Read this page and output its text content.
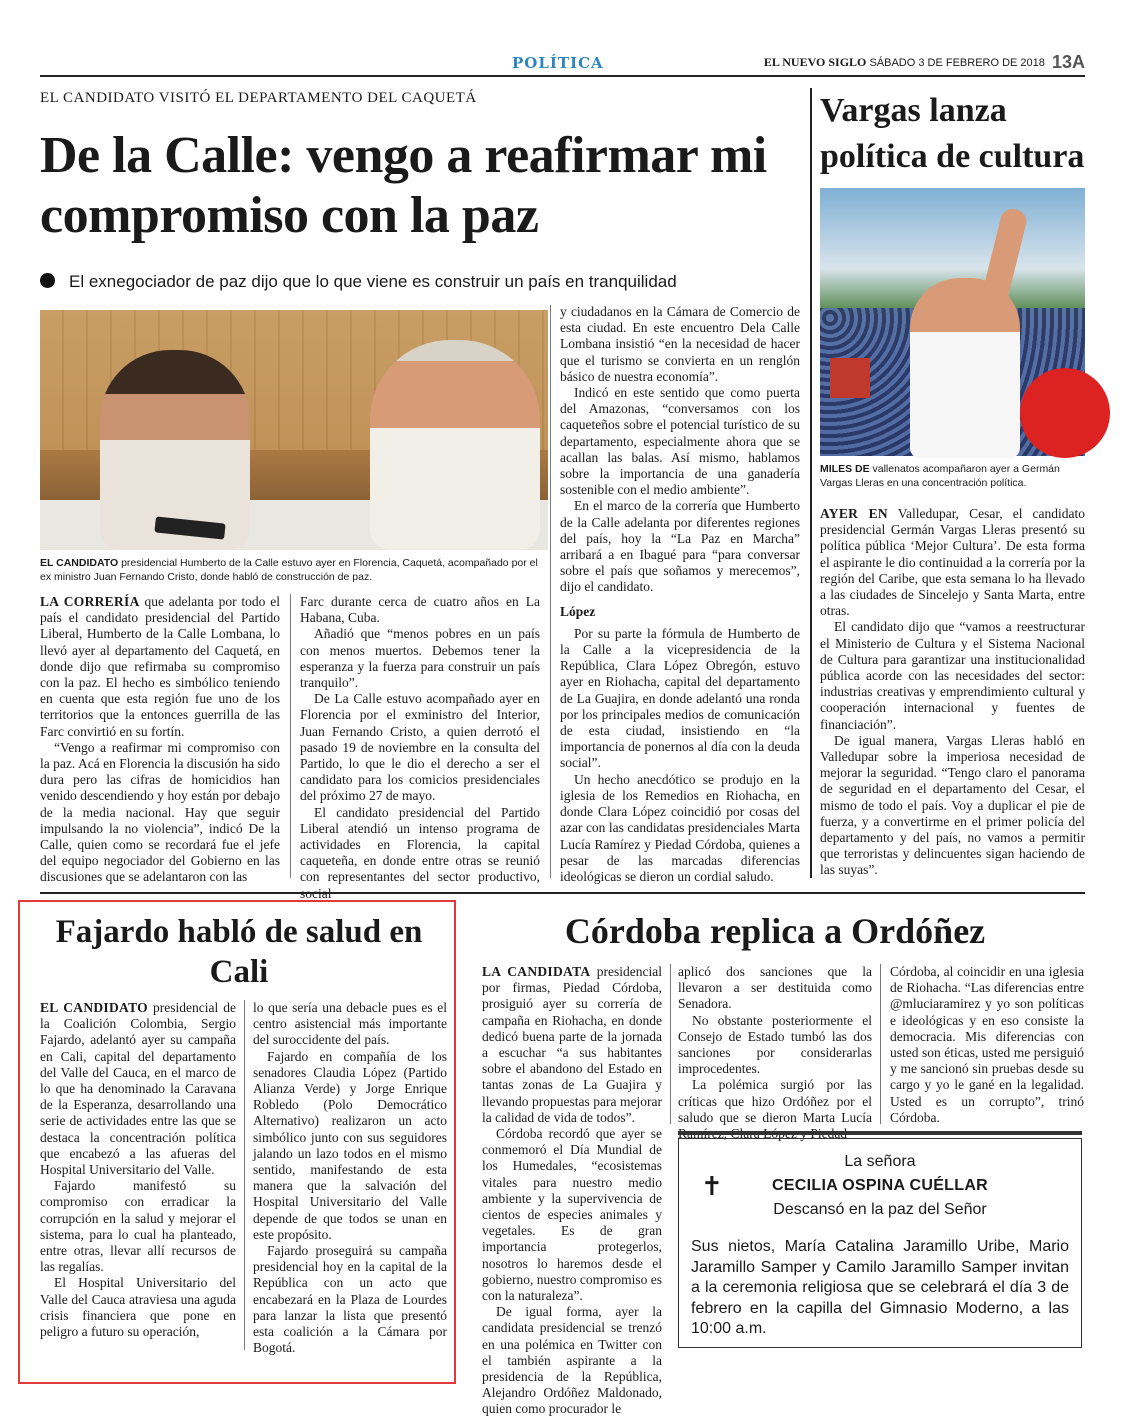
POLÍTICA	EL NUEVO SIGLO SÁBADO 3 DE FEBRERO DE 2018 13A
EL CANDIDATO VISITÓ EL DEPARTAMENTO DEL CAQUETÁ
De la Calle: vengo a reafirmar mi compromiso con la paz
El exnegociador de paz dijo que lo que viene es construir un país en tranquilidad
EL CANDIDATO presidencial Humberto de la Calle estuvo ayer en Florencia, Caquetá, acompañado por el ex ministro Juan Fernando Cristo, donde habló de construcción de paz.

LA CORRERÍA que adelanta por todo el país el candidato presidencial del Partido Liberal, Humberto de la Calle Lombana, lo llevó ayer al departamento del Caquetá, en donde dijo que refirmaba su compromiso con la paz. El hecho es simbólico teniendo en cuenta que esta región fue uno de los territorios que la entonces guerrilla de las Farc convirtió en su fortín.

“Vengo a reafirmar mi compromiso con la paz. Acá en Florencia la discusión ha sido dura pero las cifras de homicidios han venido descendiendo y hoy están por debajo de la media nacional. Hay que seguir impulsando la no violencia”, indicó De la Calle, quien como se recordará fue el jefe del equipo negociador del Gobierno en las discusiones que se adelantaron con las

Farc durante cerca de cuatro años en La Habana, Cuba.

Añadió que “menos pobres en un país con menos muertos. Debemos tener la esperanza y la fuerza para construir un país tranquilo”.

De La Calle estuvo acompañado ayer en Florencia por el exministro del Interior, Juan Fernando Cristo, a quien derrotó el pasado 19 de noviembre en la consulta del Partido, lo que le dio el derecho a ser el candidato para los comicios presidenciales del próximo 27 de mayo.

El candidato presidencial del Partido Liberal atendió un intenso programa de actividades en Florencia, la capital caqueteña, en donde entre otras se reunió con representantes del sector productivo,

y ciudadanos en la Cámara de Comercio de esta ciudad. En este encuentro Dela Calle Lombana insistió “en la necesidad de hacer que el turismo se convierta en un renglón básico de nuestra economía”.

Indicó en este sentido que como puerta del Amazonas, “conversamos con los caqueteños sobre el potencial turístico de su departamento, especialmente ahora que se acallan las balas. Así mismo, hablamos sobre la importancia de una ganadería sostenible con el medio ambiente”.

En el marco de la correría que Humberto de la Calle adelanta por diferentes regiones del país, hoy la “La Paz en Marcha” arribará a en Ibagué para “para conversar sobre el país que soñamos y merecemos”, dijo el candidato.

López

Por su parte la fórmula de Humberto de la Calle a la vicepresidencia de la República, Clara López Obregón, estuvo ayer en Riohacha, capital del departamento de La Guajira, en donde adelantó una ronda por los principales medios de comunicación de esta ciudad, insistiendo en “la importancia de ponernos al día con la deuda social”.

Un hecho anecdótico se produjo en la iglesia de los Remedios en Riohacha, en donde Clara López coincidió por cosas del azar con las candidatas presidenciales Marta Lucía Ramírez y Piedad Córdoba, quienes a pesar de las marcadas diferencias ideológicas se dieron un cordial saludo.

Vargas lanza política de cultura
MILES DE vallenatos acompañaron ayer a Germán Vargas Lleras en una concentración política.

AYER EN Valledupar, Cesar, el candidato presidencial Germán Vargas Lleras presentó su política pública ‘Mejor Cultura’. De esta forma el aspirante le dio continuidad a la correría por la región del Caribe, que esta semana lo ha llevado a las ciudades de Sincelejo y Santa Marta, entre otras.

El candidato dijo que “vamos a reestructurar el Ministerio de Cultura y el Sistema Nacional de Cultura para garantizar una institucionalidad pública acorde con las necesidades del sector: industrias creativas y emprendimiento cultural y cooperación internacional y fuentes de financiación”.

De igual manera, Vargas Lleras habló en Valledupar sobre la imperiosa necesidad de mejorar la seguridad. “Tengo claro el panorama de seguridad en el departamento del Cesar, el mismo de todo el país. Voy a duplicar el pie de fuerza, y a convertirme en el primer policía del departamento y del país, no vamos a permitir que terroristas y delincuentes sigan haciendo de las suyas”.

Fajardo habló de salud en Cali

EL CANDIDATO presidencial de la Coalición Colombia, Sergio Fajardo, adelantó ayer su campaña en Cali, capital del departamento del Valle del Cauca, en el marco de lo que ha denominado la Caravana de la Esperanza, desarrollando una serie de actividades entre las que se destaca la concentración política que encabezó a las afueras del Hospital Universitario del Valle.

Fajardo manifestó su compromiso con erradicar la corrupción en la salud y mejorar el sistema, para lo cual ha planteado, entre otras, llevar allí recursos de las regalías.

El Hospital Universitario del Valle del Cauca atraviesa una aguda crisis financiera que pone en peligro a futuro su operación,

lo que sería una debacle pues es el centro asistencial más importante del suroccidente del país.

Fajardo en compañía de los senadores Claudia López (Partido Alianza Verde) y Jorge Enrique Robledo (Polo Democrático Alternativo) realizaron un acto simbólico junto con sus seguidores jalando un lazo todos en el mismo sentido, manifestando de esta manera que la salvación del Hospital Universitario del Valle depende de que todos se unan en este propósito.

Fajardo proseguirá su campaña presidencial hoy en la capital de la República con un acto que encabezará en la Plaza de Lourdes para lanzar la lista que presentó esta coalición a la Cámara por Bogotá.

Córdoba replica a Ordóñez

LA CANDIDATA presidencial por firmas, Piedad Córdoba, prosiguió ayer su correría de campaña en Riohacha, en donde dedicó buena parte de la jornada a escuchar “a sus habitantes sobre el abandono del Estado en tantas zonas de La Guajira y llevando propuestas para mejorar la calidad de vida de todos”.

Córdoba recordó que ayer se conmemoró el Día Mundial de los Humedales, “ecosistemas vitales para nuestro medio ambiente y la supervivencia de cientos de especies animales y vegetales. Es de gran importancia protegerlos, nosotros lo haremos desde el gobierno, nuestro compromiso es con la naturaleza”.

De igual forma, ayer la candidata presidencial se trenzó en una polémica en Twitter con el también aspirante a la presidencia de la República, Alejandro Ordóñez Maldonado, quien como procurador le

aplicó dos sanciones que la llevaron a ser destituida como Senadora.

No obstante posteriormente el Consejo de Estado tumbó las dos sanciones por considerarlas improcedentes.

La polémica surgió por las críticas que hizo Ordóñez por el saludo que se dieron Marta Lucía

Córdoba, al coincidir en una iglesia de Riohacha. “Las diferencias entre @mluciaramirez y yo son políticas e ideológicas y en eso consiste la democracia. Mis diferencias con usted son éticas, usted me persiguió y me sancionó sin pruebas desde su cargo y yo le gané en la legalidad. Usted es un corrupto”, trinó Córdoba.

✝
La señora
CECILIA OSPINA CUÉLLAR
Descansó en la paz del Señor
Sus nietos, María Catalina Jaramillo Uribe, Mario Jaramillo Samper y Camilo Jaramillo Samper invitan a la ceremonia religiosa que se celebrará el día 3 de febrero en la capilla del Gimnasio Moderno, a las 10:00 a.m.
